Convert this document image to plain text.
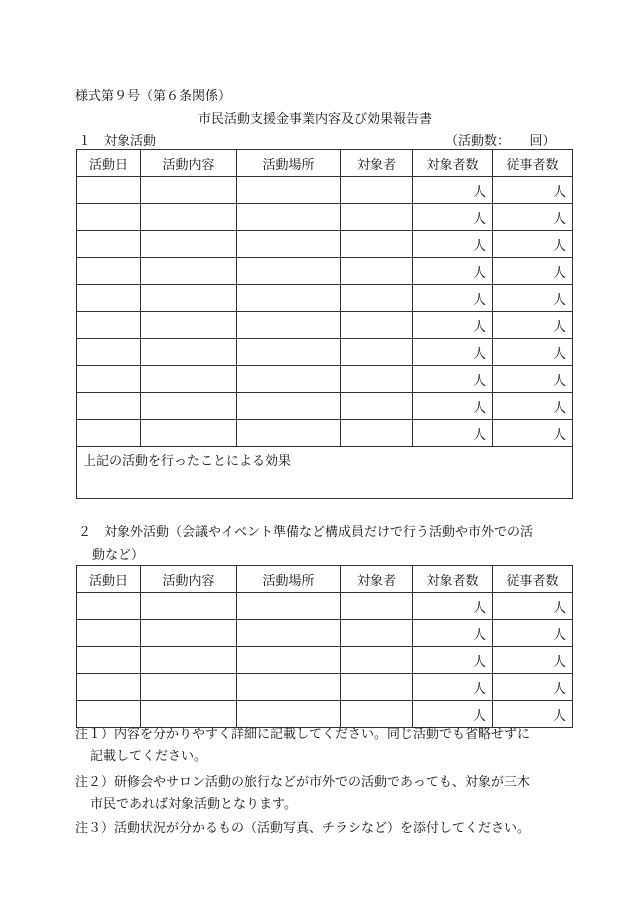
様式第９号（第６条関係）
市民活動支援金事業内容及び効果報告書
１　対象活動	（活動数：　　回）
活動日	活動内容	活動場所	対象者	対象者数	従事者数
				人	人
				人	人
				人	人
				人	人
				人	人
				人	人
				人	人
				人	人
				人	人
				人	人
上記の活動を行ったことによる効果					
２　対象外活動（会議やイベント準備など構成員だけで行う活動や市外での活
動など）
活動日	活動内容	活動場所	対象者	対象者数	従事者数
				人	人
				人	人
				人	人
				人	人
				人	人
注１）内容を分かりやすく詳細に記載してください。同じ活動でも省略せずに
記載してください。
注２）研修会やサロン活動の旅行などが市外での活動であっても、対象が三木
市民であれば対象活動となります。
注３）活動状況が分かるもの（活動写真、チラシなど）を添付してください。
